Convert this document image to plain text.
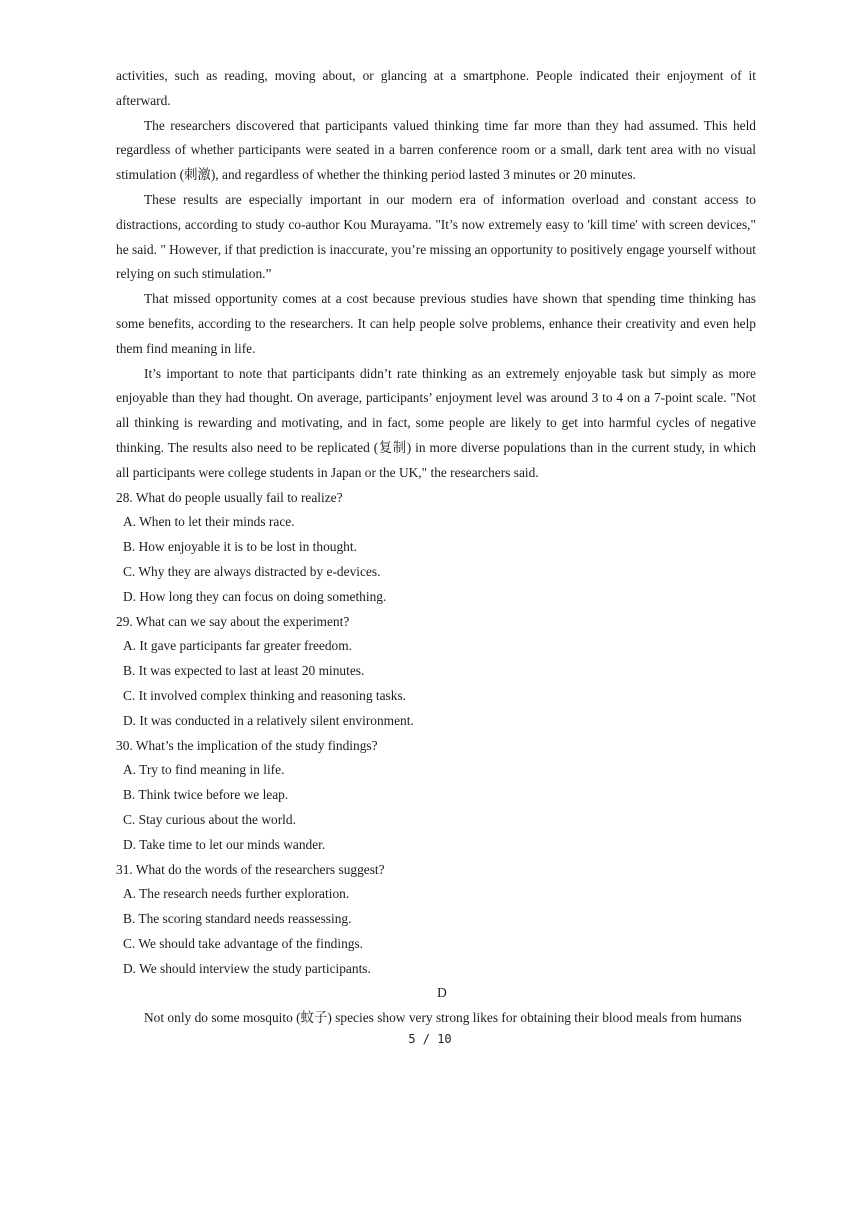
activities, such as reading, moving about, or glancing at a smartphone. People indicated their enjoyment of it afterward.

The researchers discovered that participants valued thinking time far more than they had assumed. This held regardless of whether participants were seated in a barren conference room or a small, dark tent area with no visual stimulation (刺激), and regardless of whether the thinking period lasted 3 minutes or 20 minutes.

These results are especially important in our modern era of information overload and constant access to distractions, according to study co-author Kou Murayama. "It’s now extremely easy to 'kill time' with screen devices," he said. " However, if that prediction is inaccurate, you’re missing an opportunity to positively engage yourself without relying on such stimulation.”

That missed opportunity comes at a cost because previous studies have shown that spending time thinking has some benefits, according to the researchers. It can help people solve problems, enhance their creativity and even help them find meaning in life.

It’s important to note that participants didn’t rate thinking as an extremely enjoyable task but simply as more enjoyable than they had thought. On average, participants’ enjoyment level was around 3 to 4 on a 7-point scale. "Not all thinking is rewarding and motivating, and in fact, some people are likely to get into harmful cycles of negative thinking. The results also need to be replicated (复制) in more diverse populations than in the current study, in which all participants were college students in Japan or the UK," the researchers said.

28. What do people usually fail to realize?

A. When to let their minds race.

B. How enjoyable it is to be lost in thought.

C. Why they are always distracted by e-devices.

D. How long they can focus on doing something.

29. What can we say about the experiment?

A. It gave participants far greater freedom.

B. It was expected to last at least 20 minutes.

C. It involved complex thinking and reasoning tasks.

D. It was conducted in a relatively silent environment.

30. What’s the implication of the study findings?

A. Try to find meaning in life.

B. Think twice before we leap.

C. Stay curious about the world.

D. Take time to let our minds wander.

31. What do the words of the researchers suggest?

A. The research needs further exploration.

B. The scoring standard needs reassessing.

C. We should take advantage of the findings.

D. We should interview the study participants.

D

Not only do some mosquito (蚊子) species show very strong likes for obtaining their blood meals from humans

5 / 10
